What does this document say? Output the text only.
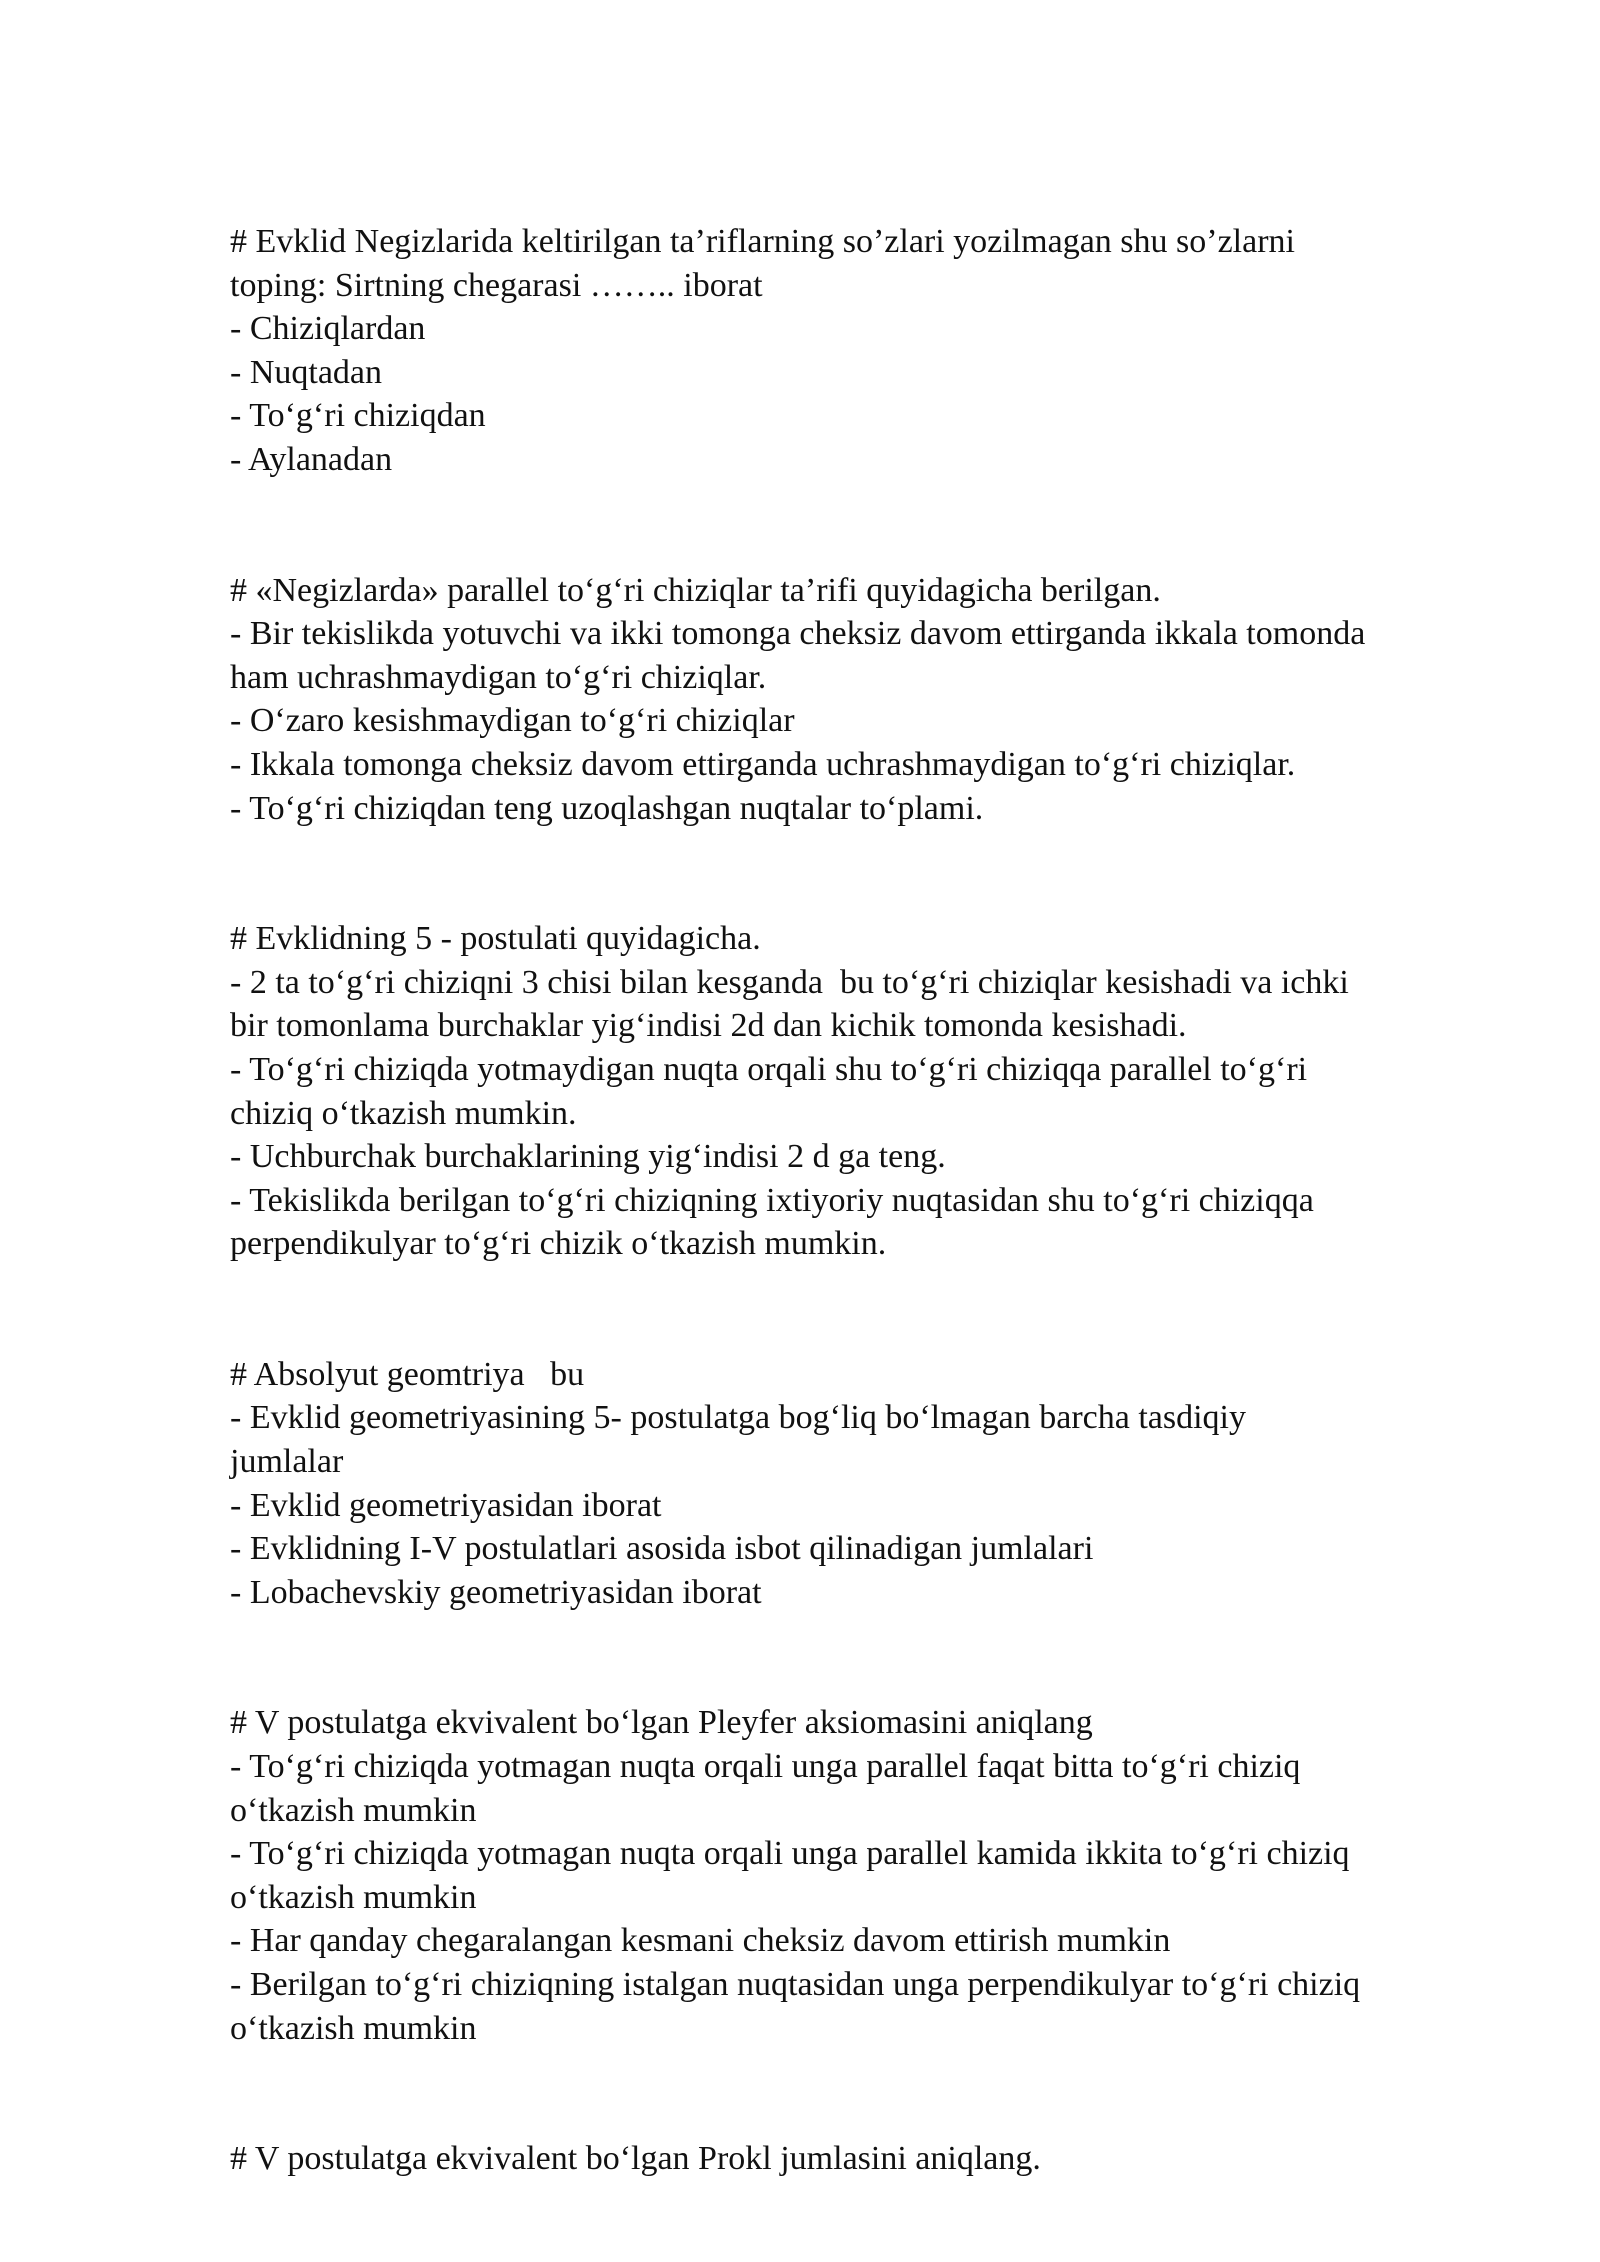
# Evklid Negizlarida keltirilgan ta’riflarning so’zlari yozilmagan shu so’zlarni
toping: Sirtning chegarasi …….. iborat
- Chiziqlardan
- Nuqtadan
- To‘g‘ri chiziqdan
- Aylanadan
# «Negizlarda» parallel to‘g‘ri chiziqlar ta’rifi quyidagicha berilgan.
- Bir tekislikda yotuvchi va ikki tomonga cheksiz davom ettirganda ikkala tomonda
ham uchrashmaydigan to‘g‘ri chiziqlar.
- O‘zaro kesishmaydigan to‘g‘ri chiziqlar
- Ikkala tomonga cheksiz davom ettirganda uchrashmaydigan to‘g‘ri chiziqlar.
- To‘g‘ri chiziqdan teng uzoqlashgan nuqtalar to‘plami.
# Evklidning 5 - postulati quyidagicha.
- 2 ta to‘g‘ri chiziqni 3 chisi bilan kesganda  bu to‘g‘ri chiziqlar kesishadi va ichki
bir tomonlama burchaklar yig‘indisi 2d dan kichik tomonda kesishadi.
- To‘g‘ri chiziqda yotmaydigan nuqta orqali shu to‘g‘ri chiziqqa parallel to‘g‘ri
chiziq o‘tkazish mumkin.
- Uchburchak burchaklarining yig‘indisi 2 d ga teng.
- Tekislikda berilgan to‘g‘ri chiziqning ixtiyoriy nuqtasidan shu to‘g‘ri chiziqqa
perpendikulyar to‘g‘ri chizik o‘tkazish mumkin.
# Absolyut geomtriya   bu
- Evklid geometriyasining 5- postulatga bog‘liq bo‘lmagan barcha tasdiqiy
jumlalar
- Evklid geometriyasidan iborat
- Evklidning I-V postulatlari asosida isbot qilinadigan jumlalari
- Lobachevskiy geometriyasidan iborat
# V postulatga ekvivalent bo‘lgan Pleyfer aksiomasini aniqlang
- To‘g‘ri chiziqda yotmagan nuqta orqali unga parallel faqat bitta to‘g‘ri chiziq
o‘tkazish mumkin
- To‘g‘ri chiziqda yotmagan nuqta orqali unga parallel kamida ikkita to‘g‘ri chiziq
o‘tkazish mumkin
- Har qanday chegaralangan kesmani cheksiz davom ettirish mumkin
- Berilgan to‘g‘ri chiziqning istalgan nuqtasidan unga perpendikulyar to‘g‘ri chiziq
o‘tkazish mumkin
# V postulatga ekvivalent bo‘lgan Prokl jumlasini aniqlang.
